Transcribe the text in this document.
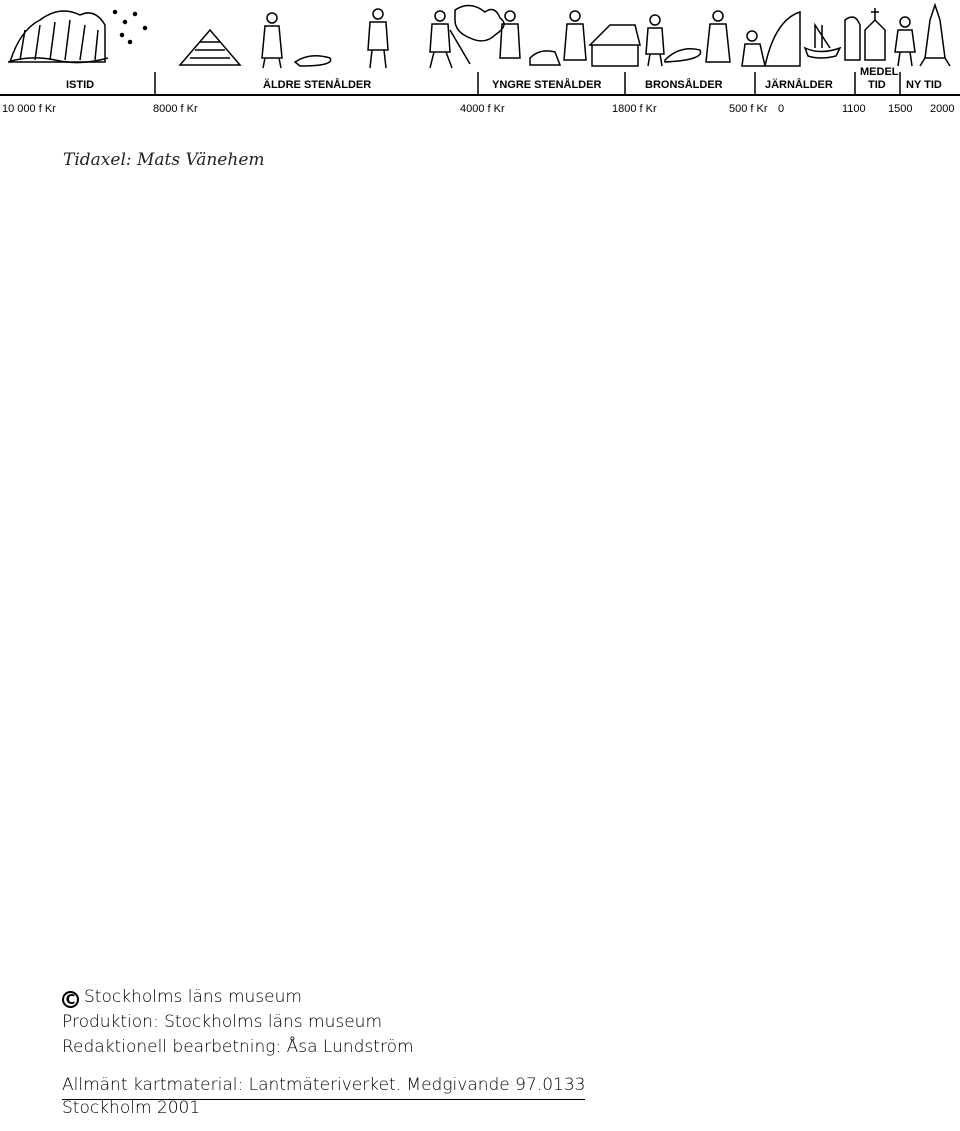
ISTID	ÄLDRE STENÅLDER	YNGRE STENÅLDER	BRONSÅLDER	JÄRNÅLDER
MEDEL
TID NY TID
10 000 f Kr	8000 f Kr	4000 f Kr	1800 f Kr	500 f Kr 0	1100 1500 2000
Tidaxel: Mats Vänehem
C Stockholms läns museum
Produktion: Stockholms läns museum
Redaktionell bearbetning: Åsa Lundström
Allmänt kartmaterial: Lantmäteriverket. Medgivande 97.0133
Stockholm 2001
